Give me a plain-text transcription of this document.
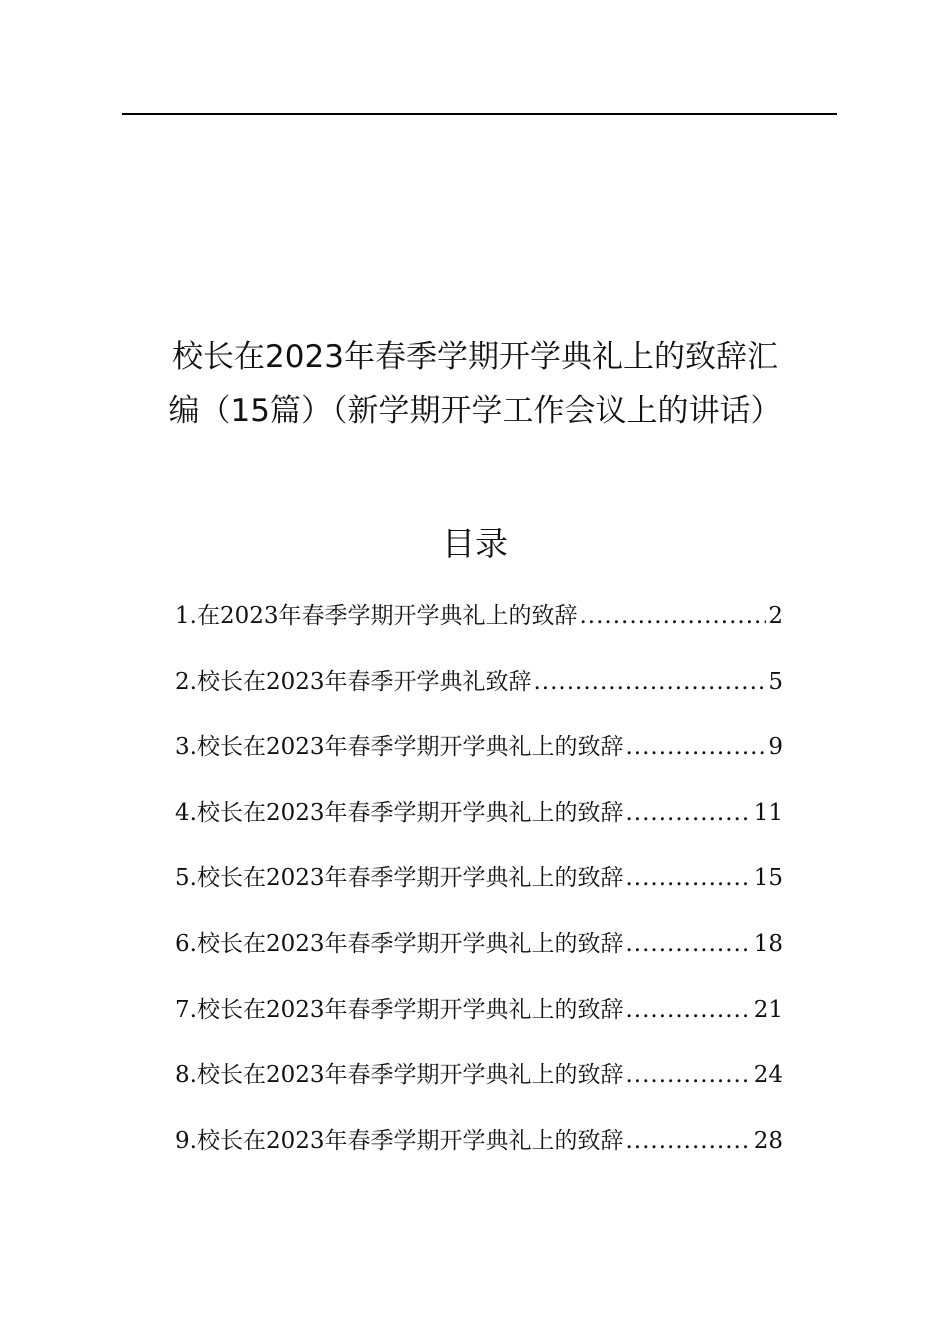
校长在2023年春季学期开学典礼上的致辞汇
编（15篇）（新学期开学工作会议上的讲话）
目录
1.在2023年春季学期开学典礼上的致辞 .....	2
2.校长在2023年春季开学典礼致辞 .....	5
3.校长在2023年春季学期开学典礼上的致辞 .....	9
4.校长在2023年春季学期开学典礼上的致辞 .....	11
5.校长在2023年春季学期开学典礼上的致辞 .....	15
6.校长在2023年春季学期开学典礼上的致辞 .....	18
7.校长在2023年春季学期开学典礼上的致辞 .....	21
8.校长在2023年春季学期开学典礼上的致辞 .....	24
9.校长在2023年春季学期开学典礼上的致辞 .....	28
